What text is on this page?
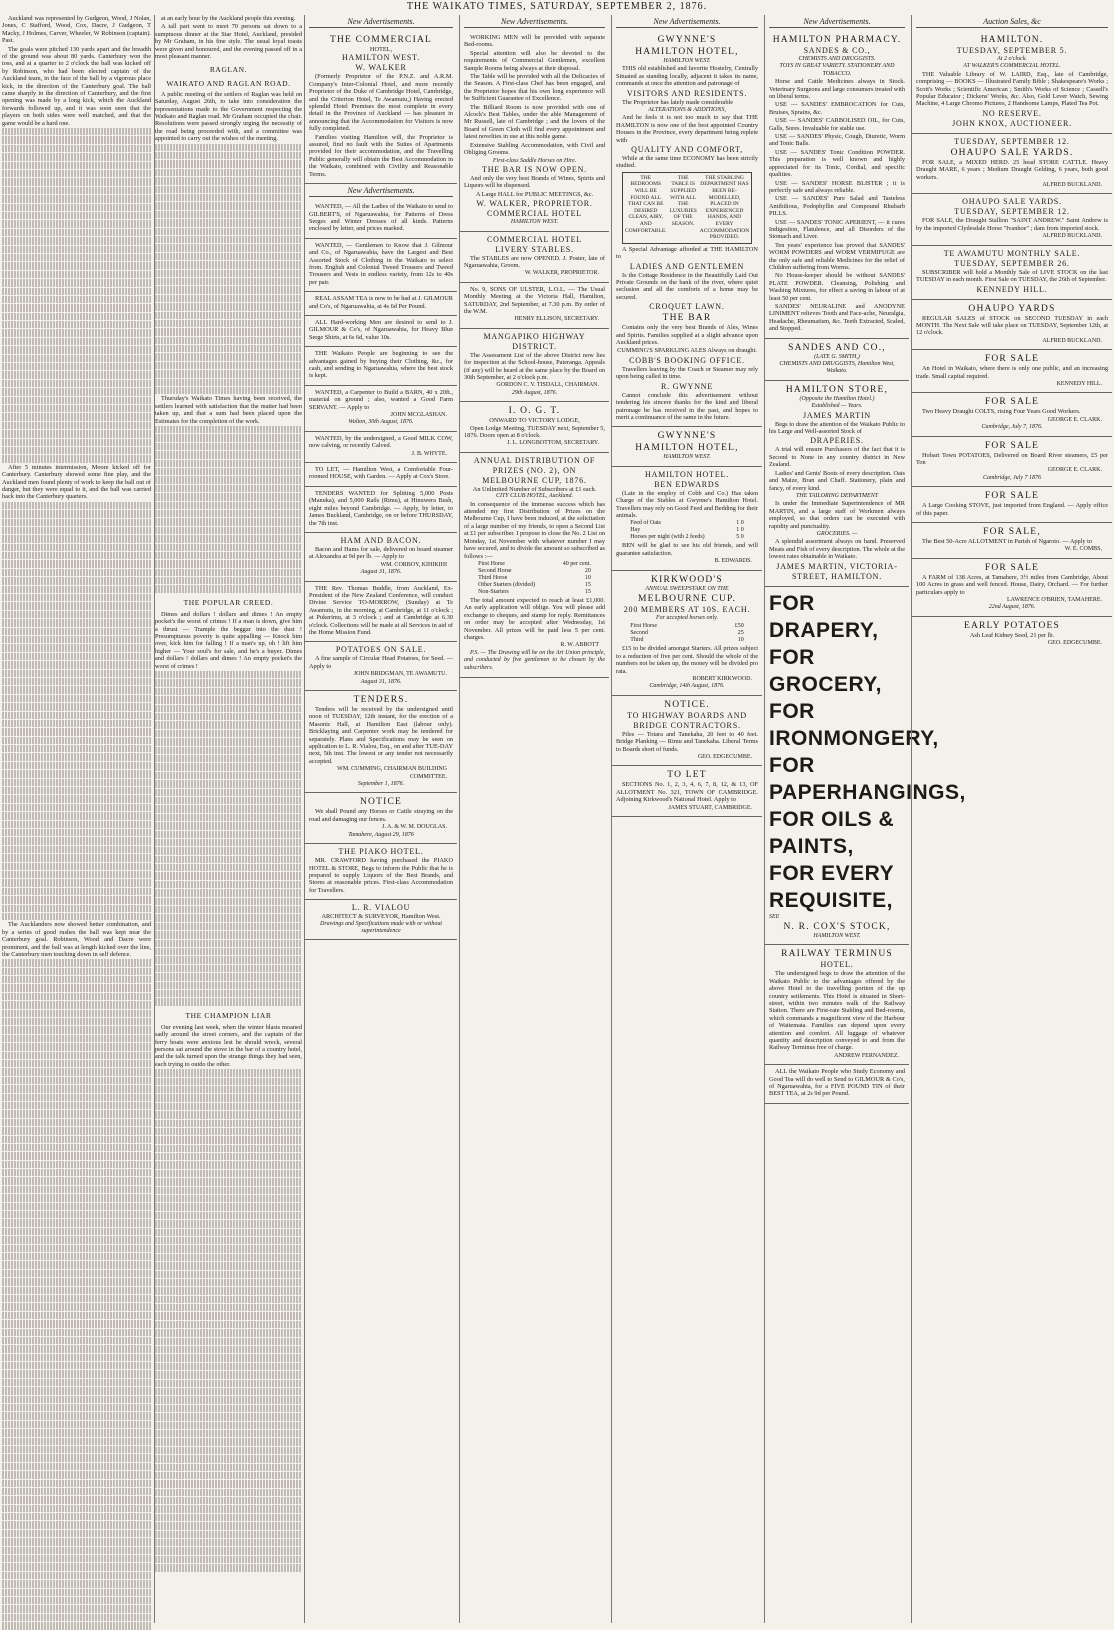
THE WAIKATO TIMES, SATURDAY, SEPTEMBER 2, 1876.

Auckland was represented by Gudgeon, Wood, J Nolan, Jones, C Stafford, Wood, Cox, Dacre, J Gudgeon, T Macky, J Holmes, Carver, Wheeler, W Robinson (captain). Past.

The goals were pitched 130 yards apart and the breadth of the ground was about 80 yards. Canterbury won the toss, and at a quarter to 2 o'clock the ball was kicked off by Robinson, who had been elected captain of the Auckland team, in the face of the ball by a vigorous place kick, in the direction of the Canterbury goal. The ball came sharply in the direction of Canterbury, and the first opening was made by a long kick, which the Auckland forwards followed up, and it was soon seen that the players on both sides were well matched, and that the game would be a hard one.

After 5 minutes intermission, Moore kicked off for Canterbury. Canterbury showed some fine play, and the Auckland men found plenty of work to keep the ball out of danger, but they were equal to it, and the ball was carried back into the Canterbury quarters.

The Aucklanders now showed better combination, and by a series of good rushes the ball was kept near the Canterbury goal. Robinson, Wood and Dacre were prominent, and the ball was at length kicked over the line, the Canterbury men touching down in self defence.

at an early hour by the Auckland people this evening.

A tall part went to meet 70 persons sat down to a sumptuous dinner at the Star Hotel, Auckland, presided by Mr Graham, in his fine style. The usual loyal toasts were given and honoured, and the evening passed off in a most pleasant manner.

RAGLAN.
WAIKATO AND RAGLAN ROAD.

A public meeting of the settlers of Raglan was held on Saturday, August 26th, to take into consideration the representations made to the Government respecting the Waikato and Raglan road. Mr Graham occupied the chair. Resolutions were passed strongly urging the necessity of the road being proceeded with, and a committee was appointed to carry out the wishes of the meeting.

Thursday's Waikato Times having been received, the settlers learned with satisfaction that the matter had been taken up, and that a sum had been placed upon the Estimates for the completion of the work.

THE POPULAR CREED.

Dimes and dollars ! dollars and dimes ! An empty pocket's the worst of crimes ! If a man is down, give him a thrust — Trample the beggar into the dust ! Presumptuous poverty is quite appalling — Knock him over, kick him for falling ! If a man's up, oh ! lift him higher — Your soul's for sale, and he's a buyer. Dimes and dollars ! dollars and dimes ! An empty pocket's the worst of crimes !

THE CHAMPION LIAR

Our evening last week, when the winter blasts moaned sadly around the street corners, and the captain of the ferry boats were anxious lest he should wreck, several persons sat around the stove in the bar of a country hotel, and the talk turned upon the strange things they had seen, each trying to outdo the other.

New Advertisements.
THE COMMERCIAL
HOTEL,
HAMILTON WEST.
W. WALKER

(Formerly Proprietor of the P.N.Z. and A.R.M. Company's Inter-Colonial Hotel, and more recently Proprietor of the Duke of Cambridge Hotel, Cambridge, and the Criterion Hotel, Te Awamutu,) Having erected splendid Hotel Premises the most complete in every detail in the Province of Auckland — has pleasure in announcing that the Accommodation for Visitors is now fully completed.

Families visiting Hamilton will, the Proprietor is assured, find no fault with the Suites of Apartments provided for their accommodation, and the Travelling Public generally will obtain the Best Accommodation in the Waikato, combined with Civility and Reasonable Terms.

New Advertisements.

WANTED, — All the Ladies of the Waikato to send to GILBERT'S, of Ngaruawahia, for Patterns of Dress Serges and Winter Dresses of all kinds. Patterns enclosed by letter, and prices marked.

WANTED, — Gentlemen to Know that J. Gilmour and Co., of Ngaruawahia, have the Largest and Best Assorted Stock of Clothing in the Waikato to select from. English and Colonial Tweed Trousers and Tweed Trousers and Vests in endless variety, from 12s to 40s per pair.

REAL ASSAM TEA is now to be had at J. GILMOUR and Co's, of Ngaruawahia, at 4s 6d Per Pound.

ALL Hard-working Men are desired to send to J. GILMOUR & Co's, of Ngaruawahia, for Heavy Blue Serge Shirts, at 6s 6d, value 10s.

THE Waikato People are beginning to see the advantages gained by buying their Clothing, &c., for cash, and sending to Ngaruawahia, where the best stock is kept.

WANTED, a Carpenter to Build a BARN, 40 x 20ft., material on ground ; also, wanted a Good Farm SERVANT. — Apply to

JOHN MCGLASHAN.
Walton, 30th August, 1876.

WANTED, by the undersigned, a Good MILK COW, now calving, or recently Calved.

J. B. WHYTE.

TO LET, — Hamilton West, a Comfortable Four-roomed HOUSE, with Garden. — Apply at Cox's Store.

TENDERS WANTED for Splitting 5,000 Posts (Manuka), and 5,000 Rails (Rimu), at Hinuwera Bush, eight miles beyond Cambridge. — Apply, by letter, to James Buckland, Cambridge, on or before THURSDAY, the 7th inst.

HAM AND BACON.

Bacon and Hams for sale, delivered on board steamer at Alexandra at 9d per lb. — Apply to

WM. CORBOY, KIHIKIHI
August 31, 1876.

THE Rev. Thomas Buddle, from Auckland, Ex-President of the New Zealand Conference, will conduct Divine Service TO-MORROW, (Sunday) at Te Awamutu, in the morning, at Cambridge, at 11 o'clock ; at Pukerimu, at 3 o'clock ; and at Cambridge at 6.30 o'clock. Collections will be made at all Services in aid of the Home Mission Fund.

POTATOES ON SALE.

A fine sample of Circular Head Potatoes, for Seed. — Apply to

JOHN BRIDGMAN, TE AWAMUTU.
August 31, 1876.
TENDERS.

Tenders will be received by the undersigned until noon of TUESDAY, 12th instant, for the erection of a Masonic Hall, at Hamilton East (labour only). Bricklaying and Carpenter work may be tendered for separately. Plans and Specifications may be seen on application to L. R. Vialou, Esq., on and after TUE-DAY next, 5th inst. The lowest or any tender not necessarily accepted.

WM. CUMMING, CHAIRMAN BUILDING COMMITTEE.
September 1, 1876.
NOTICE

We shall Pound any Horses or Cattle straying on the road and damaging our fences.

J. A. & W. M. DOUGLAS.
Tamahere, August 29, 1876
THE PIAKO HOTEL.

MR. CRAWFORD having purchased the PIAKO HOTEL & STORE, Begs to inform the Public that he is prepared to supply Liquors of the Best Brands, and Stores at reasonable prices. First-class Accommodation for Travellers.

L. R. VIALOU
ARCHITECT & SURVEYOR, Hamilton West.
Drawings and Specifications made with or without superintendence
New Advertisements.

WORKING MEN will be provided with separate Bed-rooms.

Special attention will also be devoted to the requirements of Commercial Gentlemen, excellent Sample Rooms being always at their disposal.

The Table will be provided with all the Delicacies of the Season. A First-class Chef has been engaged, and the Proprietor hopes that his own long experience will be Sufficient Guarantee of Excellence.

The Billiard Room is now provided with one of Alcock's Best Tables, under the able Management of Mr Russell, late of Cambridge ; and the lovers of the Board of Green Cloth will find every appointment and latest novelties in use at this noble game.

Extensive Stabling Accommodation, with Civil and Obliging Grooms.

First-class Saddle Horses on Hire.
THE BAR IS NOW OPEN.

And only the very best Brands of Wines, Spirits and Liquors will be dispensed.

A Large HALL for PUBLIC MEETINGS, &c.

W. WALKER, PROPRIETOR.
COMMERCIAL HOTEL
HAMILTON WEST.
COMMERCIAL HOTEL
LIVERY STABLES.

The STABLES are now OPENED. J. Poster, late of Ngaruawahia, Groom.

W. WALKER, PROPRIETOR.

No. 9, SONS OF ULSTER, L.O.L. — The Usual Monthly Meeting at the Victoria Hall, Hamilton, SATURDAY, 2nd September, at 7.30 p.m. By order of the W.M.

HENRY ELLISON, SECRETARY.
MANGAPIKO HIGHWAY DISTRICT.

The Assessment List of the above District now lies for inspection at the School-house, Pateranga. Appeals (if any) will be heard at the same place by the Board on 30th September, at 2 o'clock p.m.

GORDON C. V. TISDALL, CHAIRMAN.
29th August, 1876.
I. O. G. T.
ONWARD TO VICTORY LODGE,

Open Lodge Meeting, TUESDAY next, September 5, 1876. Doors open at 8 o'clock.

J. L. LONGBOTTOM, SECRETARY.
ANNUAL DISTRIBUTION OF PRIZES (NO. 2), ON MELBOURNE CUP, 1876.
An Unlimited Number of Subscribers at £1 each.
CITY CLUB HOTEL, Auckland.

In consequence of the immense success which has attended my first Distribution of Prizes on the Melbourne Cup, I have been induced, at the solicitation of a large number of my friends, to open a Second List at £1 per subscriber. I propose to close the No. 2 List on Monday, 1st November with whatever number I may have secured, and to divide the amount so subscribed as follows :—

First Horse	40 per cent.
Second Horse	20
Third Horse	10
Other Starters (divided)	15
Non-Starters	15

The total amount expected to reach at least £1,000. An early application will oblige. You will please add exchange to cheques, and stamp for reply. Remittances on order may be accepted after Wednesday, 1st November. All prizes will be paid less 5 per cent. charges.

R. W. ABBOTT

P.S. — The Drawing will be on the Art Union principle, and conducted by five gentlemen to be chosen by the subscribers.

New Advertisements.
GWYNNE'S
HAMILTON HOTEL,
HAMILTON WEST.

THIS old established and favorite Hostelry, Centrally Situated as standing locally, adjacent it takes its name, commands at once the attention and patronage of

VISITORS AND RESIDENTS.

The Proprietor has lately made considerable

ALTERATIONS & ADDITIONS,

And he feels it is not too much to say that THE HAMILTON is now one of the best appointed Country Houses in the Province, every department being replete with

QUALITY AND COMFORT,

While at the same time ECONOMY has been strictly studied.

THE BEDROOMS WILL BE FOUND ALL THAT CAN BE DESIRED CLEAN, AIRY, AND COMFORTABLE.
THE TABLE IS SUPPLIED WITH ALL THE LUXURIES OF THE SEASON.
THE STABLING DEPARTMENT HAS BEEN RE-MODELLED, PLACED IN EXPERIENCED HANDS, AND EVERY ACCOMMODATION PROVIDED.

A Special Advantage afforded at THE HAMILTON to

LADIES AND GENTLEMEN

Is the Cottage Residence in the Beautifully Laid Out Private Grounds on the bank of the river, where quiet seclusion and all the comforts of a home may be secured.

CROQUET LAWN.
THE BAR

Contains only the very best Brands of Ales, Wines and Spirits. Families supplied at a slight advance upon Auckland prices.

CUMMING'S SPARKLING ALES Always on draught.

COBB'S BOOKING OFFICE.

Travellers leaving by the Coach or Steamer may rely upon being called in time.

R. GWYNNE

Cannot conclude this advertisement without tendering his sincere thanks for the kind and liberal patronage he has received in the past, and hopes to merit a continuance of the same in the future.

GWYNNE'S
HAMILTON HOTEL,
HAMILTON WEST.
HAMILTON HOTEL.
BEN EDWARDS

(Late in the employ of Cobb and Co.) Has taken Charge of the Stables at Gwynne's Hamilton Hotel. Travellers may rely on Good Feed and Bedding for their animals.

Feed of Oats	1 0
Hay	1 0
Horses per night (with 2 feeds)	5 0

BEN will be glad to see his old friends, and will guarantee satisfaction.

B. EDWARDS.
KIRKWOOD'S
ANNUAL SWEEPSTAKE ON THE
MELBOURNE CUP.
200 MEMBERS AT 10S. EACH.
For accepted horses only.
First Horse	£50
Second	25
Third	10

£15 to be divided amongst Starters. All prizes subject to a reduction of five per cent. Should the whole of the numbers not be taken up, the money will be divided pro rata.

ROBERT KIRKWOOD.
Cambridge, 14th August, 1876.
NOTICE.
TO HIGHWAY BOARDS AND BRIDGE CONTRACTORS.

Piles — Totara and Tanekaha, 20 feet to 40 feet. Bridge Planking — Rimu and Tanekaha. Liberal Terms to Boards short of funds.

GEO. EDGECUMBE.
TO LET

SECTIONS No. 1, 2, 3, 4, 6, 7, 8, 12, & 13, OF ALLOTMENT No. 321, TOWN OF CAMBRIDGE. Adjoining Kirkwood's National Hotel. Apply to

JAMES STUART, CAMBRIDGE.
New Advertisements.
HAMILTON PHARMACY.
SANDES & CO.,
CHEMISTS AND DRUGGISTS.
TOYS IN GREAT VARIETY. STATIONERY AND TOBACCO.

Horse and Cattle Medicines always in Stock. Veterinary Surgeons and large consumers treated with on liberal terms.

USE — SANDES' EMBROCATION for Cuts, Bruises, Sprains, &c.

USE — SANDES' CARBOLISED OIL, for Cuts, Galls, Sores. Invaluable for stable use.

USE — SANDES' Physic, Cough, Diuretic, Worm and Tonic Balls.

USE — SANDES' Tonic Condition POWDER. This preparation is well known and highly appreciated for its Tonic, Cordial, and specific qualities.

USE — SANDES' HORSE BLISTER ; it is perfectly safe and always reliable.

USE — SANDES' Pure Salad and Tasteless Antibilious, Podophyllin and Compound Rhubarb PILLS.

USE — SANDES' TONIC APERIENT, — it cures Indigestion, Flatulence, and all Disorders of the Stomach and Liver.

Ten years' experience has proved that SANDES' WORM POWDERS and WORM VERMIFUGE are the only safe and reliable Medicines for the relief of Children suffering from Worms.

No House-keeper should be without SANDES' PLATE POWDER. Cleansing, Polishing and Washing Mixtures, for effect a saving in labour of at least 50 per cent.

SANDES' NEURALINE and ANODYNE LINIMENT relieves Tooth and Face-ache, Neuralgia, Headache, Rheumatism, &c. Teeth Extracted, Scaled, and Stopped.

SANDES AND CO.,
(LATE G. SMITH,)
CHEMISTS AND DRUGGISTS, Hamilton West, Waikato.
HAMILTON STORE,
(Opposite the Hamilton Hotel.)
Established — Years.
JAMES MARTIN

Begs to draw the attention of the Waikato Public to his Large and Well-assorted Stock of

DRAPERIES.

A trial will ensure Purchasers of the fact that it is Second to None in any country district in New Zealand.

Ladies' and Gents' Boots of every description. Oats and Maize, Bran and Chaff. Stationery, plain and fancy, of every kind.

THE TAILORING DEPARTMENT

Is under the Immediate Superintendence of MR MARTIN, and a large staff of Workmen always employed, so that orders can be executed with rapidity and punctuality.

GROCERIES. —

A splendid assortment always on hand. Preserved Meats and Fish of every description. The whole at the lowest rates obtainable in Waikato.

JAMES MARTIN, VICTORIA-STREET, HAMILTON.
FOR DRAPERY,
FOR GROCERY,
FOR IRONMONGERY,
FOR PAPERHANGINGS,
FOR OILS & PAINTS,
FOR EVERY REQUISITE,
SEE
N. R. COX'S STOCK,
HAMILTON WEST.
RAILWAY TERMINUS
HOTEL.

The undersigned begs to draw the attention of the Waikato Public to the advantages offered by the above Hotel to the travelling portion of the up country settlements. This Hotel is situated in Short-street, within two minutes walk of the Railway Station. There are First-rate Stabling and Bed-rooms, which commands a magnificent view of the Harbour of Waitemata. Families can depend upon every attention and comfort. All luggage of whatever quantity and description conveyed to and from the Railway Terminus free of charge.

ANDREW FERNANDEZ.

ALL the Waikato People who Study Economy and Good Tea will do well to Send to GILMOUR & Co's, of Ngaruawahia, for a FIVE POUND TIN of their BEST TEA, at 2s 9d per Pound.

Auction Sales, &c
HAMILTON.
TUESDAY, SEPTEMBER 5.
At 2 o'clock.
AT WALKER'S COMMERCIAL HOTEL.

THE Valuable Library of W. LAIRD, Esq., late of Cambridge, comprising — BOOKS — Illustrated Family Bible ; Shakespeare's Works ; Scott's Works ; Scientific American ; Smith's Works of Science ; Cassell's Popular Educator ; Dickens' Works, &c. Also, Gold Lever Watch, Sewing Machine, 4 Large Chromo Pictures, 2 Handsome Lamps, Plated Tea Pot.

NO RESERVE.
JOHN KNOX, AUCTIONEER.
TUESDAY, SEPTEMBER 12.
OHAUPO SALE YARDS.

FOR SALE, a MIXED HERD. 25 head STORE CATTLE. Heavy Draught MARE, 6 years ; Medium Draught Gelding, 6 years, both good workers.

ALFRED BUCKLAND.
OHAUPO SALE YARDS.
TUESDAY, SEPTEMBER 12.

FOR SALE, the Draught Stallion "SAINT ANDREW." Saint Andrew is by the imported Clydesdale Horse "Ivanhoe" ; dam from imported stock.

ALFRED BUCKLAND.
TE AWAMUTU MONTHLY SALE.
TUESDAY, SEPTEMBER 26.

SUBSCRIBER will hold a Monthly Sale of LIVE STOCK on the last TUESDAY in each month. First Sale on TUESDAY, the 26th of September.

KENNEDY HILL.
OHAUPO YARDS

REGULAR SALES of STOCK on SECOND TUESDAY in each MONTH. The Next Sale will take place on TUESDAY, September 12th, at 12 o'clock.

ALFRED BUCKLAND.
FOR SALE

An Hotel in Waikato, where there is only one public, and an increasing trade. Small capital required.

KENNEDY HILL.
FOR SALE

Two Heavy Draught COLTS, rising Four Years Good Workers.

GEORGE E. CLARK.
Cambridge, July 7, 1876.
FOR SALE

Hobart Town POTATOES, Delivered on Board River steamers, £5 per Ton

GEORGE E. CLARK.
Cambridge, July 7 1876
FOR SALE

A Large Cooking STOVE, just imported from England. — Apply office of this paper.

FOR SALE,

The Best 50-Acre ALLOTMENT in Parish of Ngaroto. — Apply to

W. E. COMBS,
FOR SALE

A FARM of 138 Acres, at Tamahere, 3½ miles from Cambridge, About 100 Acres in grass and well fenced. House, Dairy, Orchard. — For further particulars apply to

LAWRENCE O'BRIEN, TAMAHERE.
22nd August, 1876.
EARLY POTATOES

Ash Leaf Kidney Seed, 21 per lb.

GEO. EDGECUMBE.
